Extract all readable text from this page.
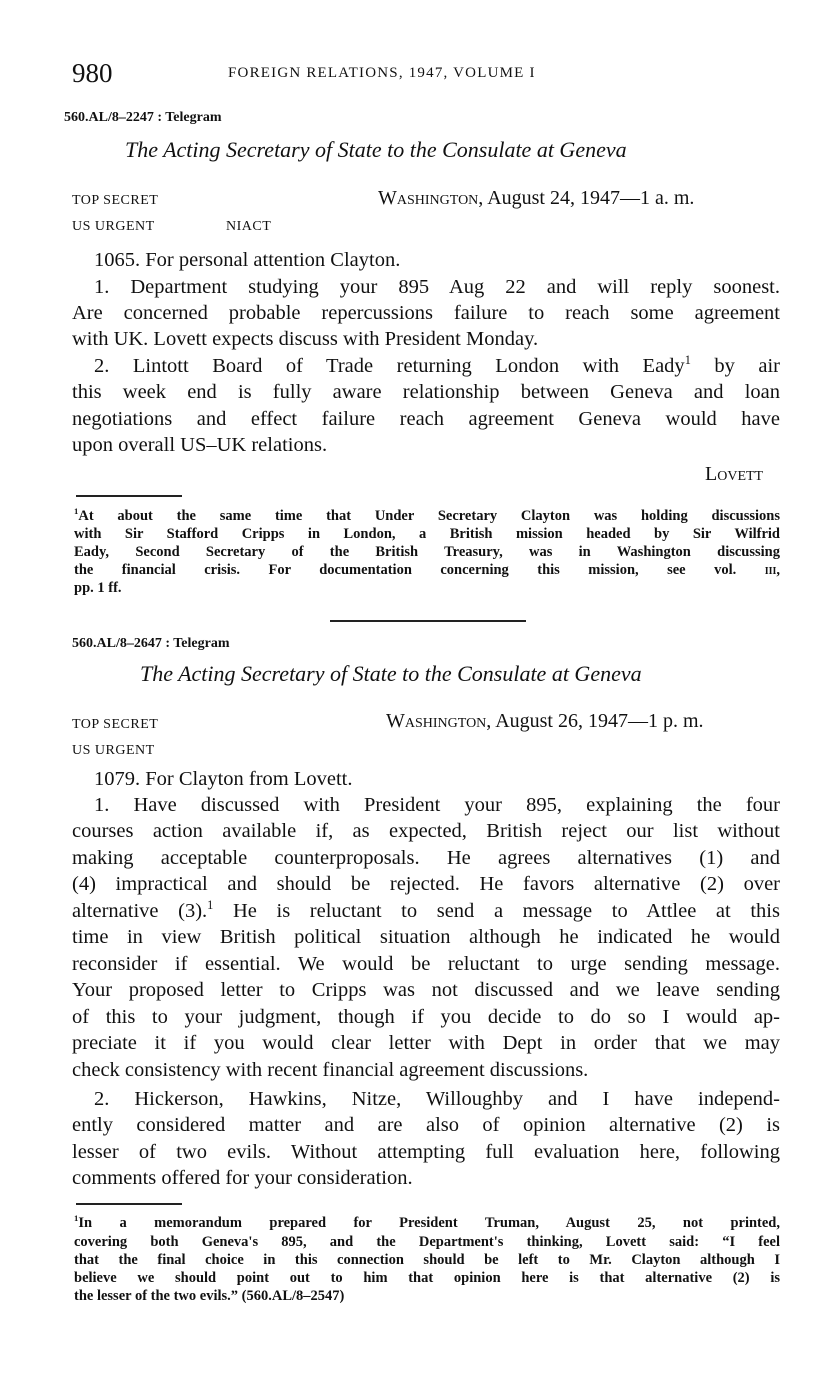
980	FOREIGN RELATIONS, 1947, VOLUME I
560.AL/8–2247 : Telegram
The Acting Secretary of State to the Consulate at Geneva
TOP SECRET	Washington, August 24, 1947—1 a. m.
US URGENT	NIACT
1065. For personal attention Clayton.
1. Department studying your 895 Aug 22 and will reply soonest.
Are concerned probable repercussions failure to reach some agreement
with UK. Lovett expects discuss with President Monday.
2. Lintott Board of Trade returning London with Eady$^1$ by air
this week end is fully aware relationship between Geneva and loan
negotiations and effect failure reach agreement Geneva would have
upon overall US–UK relations.
Lovett
$^1$At about the same time that Under Secretary Clayton was holding discussions
with Sir Stafford Cripps in London, a British mission headed by Sir Wilfrid
Eady, Second Secretary of the British Treasury, was in Washington discussing
the financial crisis. For documentation concerning this mission, see vol. iii,
pp. 1 ff.
560.AL/8–2647 : Telegram
The Acting Secretary of State to the Consulate at Geneva
TOP SECRET	Washington, August 26, 1947—1 p. m.
US URGENT
1079. For Clayton from Lovett.
1. Have discussed with President your 895, explaining the four
courses action available if, as expected, British reject our list without
making acceptable counterproposals. He agrees alternatives (1) and
(4) impractical and should be rejected. He favors alternative (2) over
alternative (3).$^1$ He is reluctant to send a message to Attlee at this
time in view British political situation although he indicated he would
reconsider if essential. We would be reluctant to urge sending message.
Your proposed letter to Cripps was not discussed and we leave sending
of this to your judgment, though if you decide to do so I would ap-
preciate it if you would clear letter with Dept in order that we may
check consistency with recent financial agreement discussions.
2. Hickerson, Hawkins, Nitze, Willoughby and I have independ-
ently considered matter and are also of opinion alternative (2) is
lesser of two evils. Without attempting full evaluation here, following
comments offered for your consideration.
$^1$In a memorandum prepared for President Truman, August 25, not printed,
covering both Geneva's 895, and the Department's thinking, Lovett said: “I feel
that the final choice in this connection should be left to Mr. Clayton although I
believe we should point out to him that opinion here is that alternative (2) is
the lesser of the two evils.” (560.AL/8–2547)
